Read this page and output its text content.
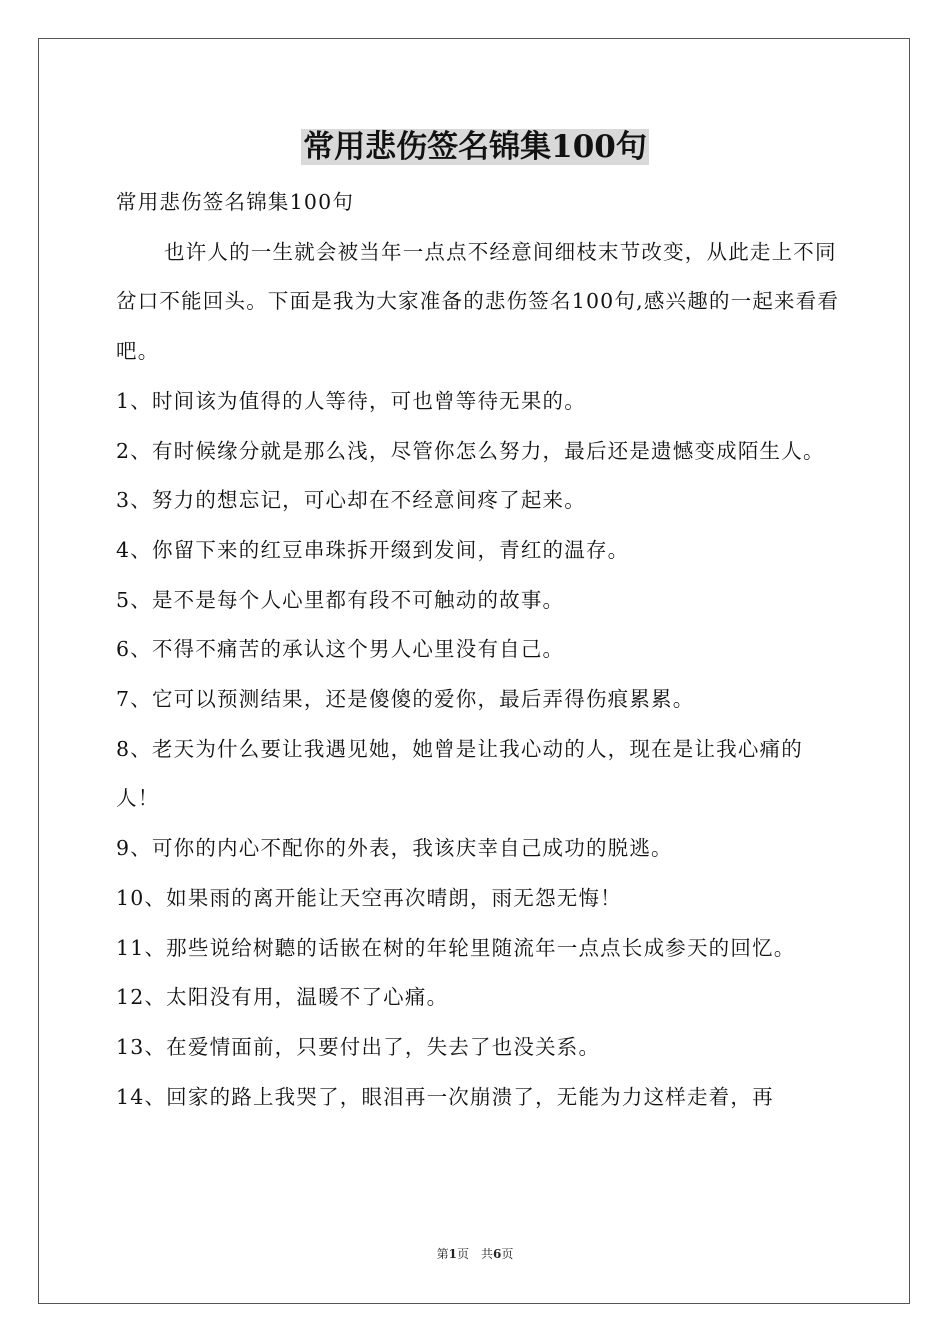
常用悲伤签名锦集100句

常用悲伤签名锦集100句

也许人的一生就会被当年一点点不经意间细枝末节改变，从此走上不同岔口不能回头。下面是我为大家准备的悲伤签名100句,感兴趣的一起来看看吧。

1、时间该为值得的人等待，可也曾等待无果的。

2、有时候缘分就是那么浅，尽管你怎么努力，最后还是遗憾变成陌生人。

3、努力的想忘记，可心却在不经意间疼了起来。

4、你留下来的红豆串珠拆开缀到发间，青红的温存。

5、是不是每个人心里都有段不可触动的故事。

6、不得不痛苦的承认这个男人心里没有自己。

7、它可以预测结果，还是傻傻的爱你，最后弄得伤痕累累。

8、老天为什么要让我遇见她，她曾是让我心动的人，现在是让我心痛的人！

9、可你的内心不配你的外表，我该庆幸自己成功的脱逃。

10、如果雨的离开能让天空再次晴朗，雨无怨无悔！

11、那些说给树聽的话嵌在树的年轮里随流年一点点长成参天的回忆。

12、太阳没有用，温暖不了心痛。

13、在爱情面前，只要付出了，失去了也没关系。

14、回家的路上我哭了，眼泪再一次崩溃了，无能为力这样走着，再

第1页　共6页
